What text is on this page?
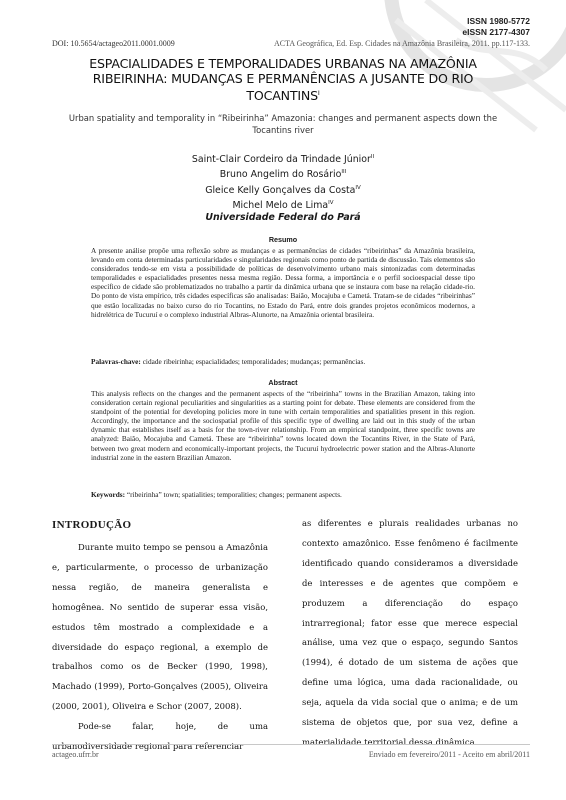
ISSN 1980-5772
eISSN 2177-4307
DOI: 10.5654/actageo2011.0001.0009	ACTA Geográfica, Ed. Esp. Cidades na Amazônia Brasileira, 2011. pp.117-133.
ESPACIALIDADES E TEMPORALIDADES URBANAS NA AMAZÔNIA RIBEIRINHA: MUDANÇAS E PERMANÊNCIAS A JUSANTE DO RIO $TOCANTINS^I$
Urban spatiality and temporality in “Ribeirinha” Amazonia: changes and permanent aspects down the Tocantins river
Saint-Clair Cordeiro da Trindade Júnior$^{II}$
Bruno Angelim do Rosário$^{III}$
Gleice Kelly Gonçalves da Costa$^{IV}$
Michel Melo de Lima$^{IV}$
Universidade Federal do Pará
Resumo

A presente análise propõe uma reflexão sobre as mudanças e as permanências de cidades “ribeirinhas” da Amazônia brasileira, levando em conta determinadas particularidades e singularidades regionais como ponto de partida de discussão. Tais elementos são considerados tendo-se em vista a possibilidade de políticas de desenvolvimento urbano mais sintonizadas com determinadas temporalidades e espacialidades presentes nessa mesma região. Dessa forma, a importância e o perfil socioespacial desse tipo específico de cidade são problematizados no trabalho a partir da dinâmica urbana que se instaura com base na relação cidade-rio. Do ponto de vista empírico, três cidades específicas são analisadas: Baião, Mocajuba e Cametá. Tratam-se de cidades “ribeirinhas” que estão localizadas no baixo curso do rio Tocantins, no Estado do Pará, entre dois grandes projetos econômicos modernos, a hidrelétrica de Tucuruí e o complexo industrial Albras-Alunorte, na Amazônia oriental brasileira.

Palavras-chave: cidade ribeirinha; espacialidades; temporalidades; mudanças; permanências.
Abstract

This analysis reflects on the changes and the permanent aspects of the “ribeirinha” towns in the Brazilian Amazon, taking into consideration certain regional peculiarities and singularities as a starting point for debate. These elements are considered from the standpoint of the potential for developing policies more in tune with certain temporalities and spatialities present in this region. Accordingly, the importance and the sociospatial profile of this specific type of dwelling are laid out in this study of the urban dynamic that establishes itself as a basis for the town-river relationship. From an empirical standpoint, three specific towns are analyzed: Baião, Mocajuba and Cametá. These are “ribeirinha” towns located down the Tocantins River, in the State of Pará, between two great modern and economically-important projects, the Tucuruí hydroelectric power station and the Albras-Alunorte industrial zone in the eastern Brazilian Amazon.

Keywords: “ribeirinha” town; spatialities; temporalities; changes; permanent aspects.
INTRODUÇÃO

Durante muito tempo se pensou a Amazônia e, particularmente, o processo de urbanização nessa região, de maneira generalista e homogênea. No sentido de superar essa visão, estudos têm mostrado a complexidade e a diversidade do espaço regional, a exemplo de trabalhos como os de Becker (1990, 1998), Machado (1999), Porto-Gonçalves (2005), Oliveira (2000, 2001), Oliveira e Schor (2007, 2008).

Pode-se falar, hoje, de uma urbanodiversidade regional para referenciar

as diferentes e plurais realidades urbanas no contexto amazônico. Esse fenômeno é facilmente identificado quando consideramos a diversidade de interesses e de agentes que compõem e produzem a diferenciação do espaço intrarregional; fator esse que merece especial análise, uma vez que o espaço, segundo Santos (1994), é dotado de um sistema de ações que define uma lógica, uma dada racionalidade, ou seja, aquela da vida social que o anima; e de um sistema de objetos que, por sua vez, define a materialidade territorial dessa dinâmica.

actageo.ufrr.br	Enviado em fevereiro/2011 - Aceito em abril/2011
